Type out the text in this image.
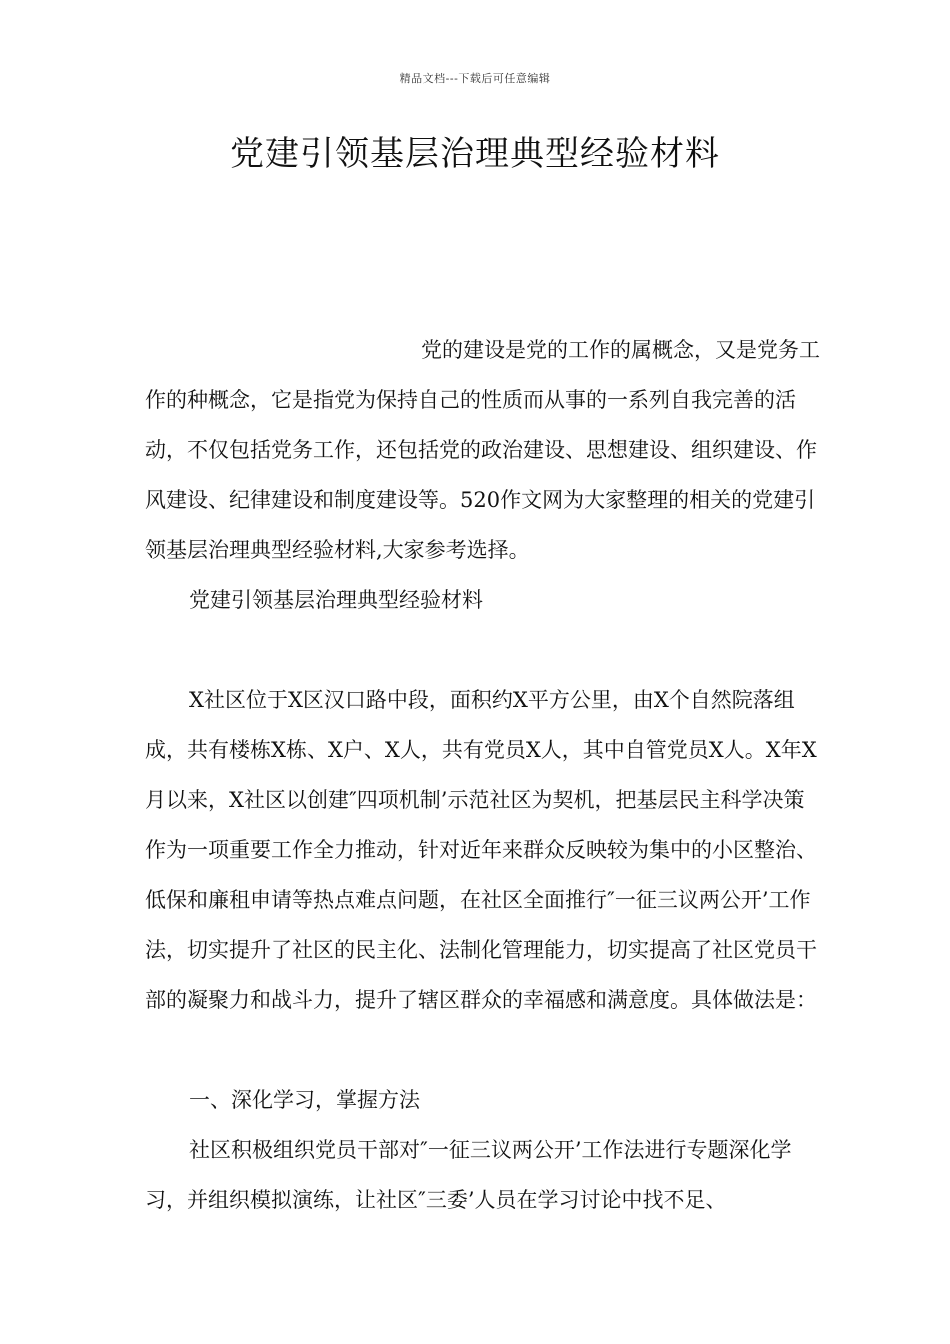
精品文档---下载后可任意编辑
党建引领基层治理典型经验材料

党的建设是党的工作的属概念，又是党务工作的种概念，它是指党为保持自己的性质而从事的一系列自我完善的活动，不仅包括党务工作，还包括党的政治建设、思想建设、组织建设、作风建设、纪律建设和制度建设等。520作文网为大家整理的相关的党建引领基层治理典型经验材料,大家参考选择。

党建引领基层治理典型经验材料

X社区位于X区汉口路中段，面积约X平方公里，由X个自然院落组成，共有楼栋X栋、X户、X人，共有党员X人，其中自管党员X人。X年X月以来，X社区以创建″四项机制’示范社区为契机，把基层民主科学决策作为一项重要工作全力推动，针对近年来群众反映较为集中的小区整治、低保和廉租申请等热点难点问题，在社区全面推行″一征三议两公开’工作法，切实提升了社区的民主化、法制化管理能力，切实提高了社区党员干部的凝聚力和战斗力，提升了辖区群众的幸福感和满意度。具体做法是：

一、深化学习，掌握方法

社区积极组织党员干部对″一征三议两公开’工作法进行专题深化学习，并组织模拟演练，让社区″三委’人员在学习讨论中找不足、
